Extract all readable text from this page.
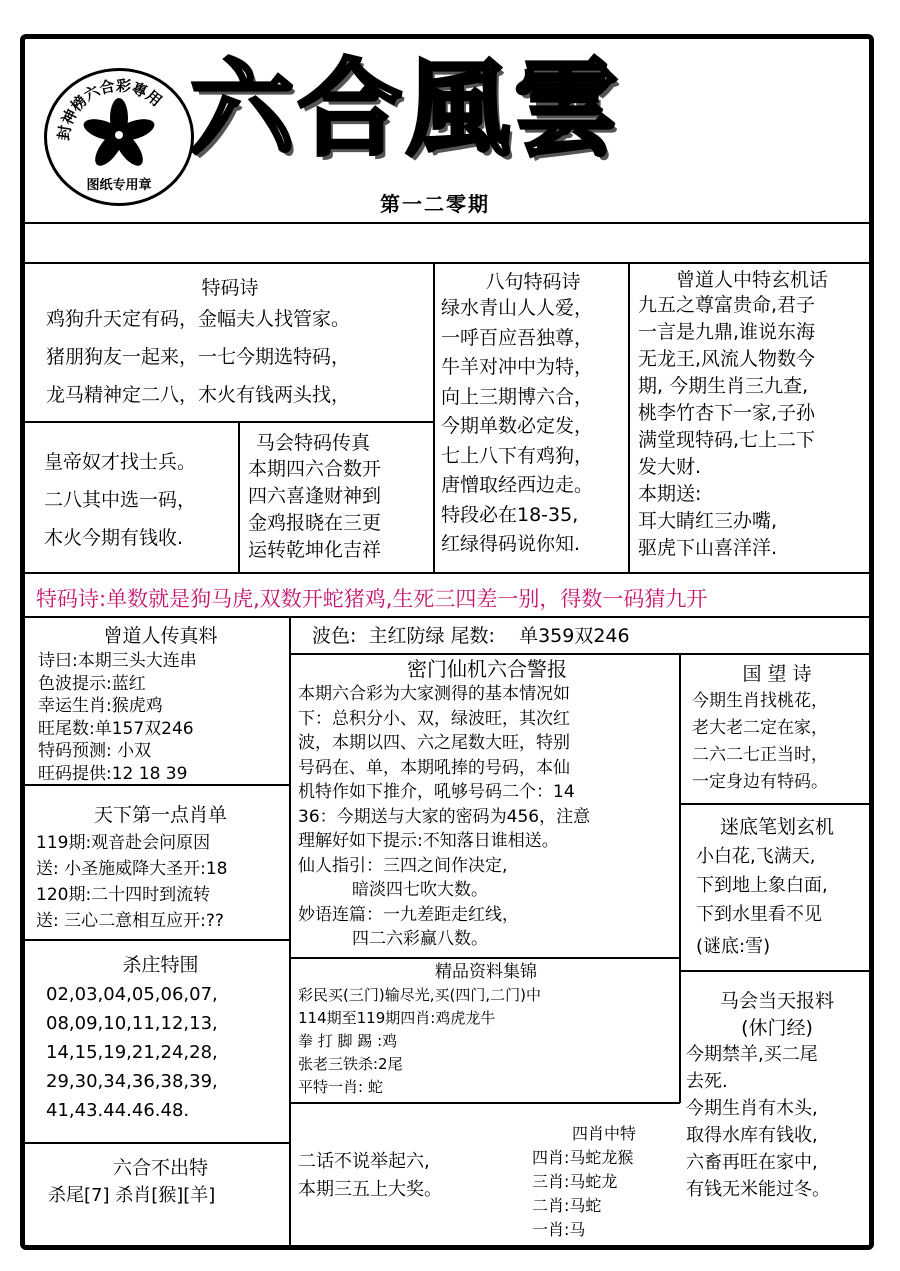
封神榜六合彩專用
图纸专用章
六合風雲
第一二零期
特码诗
鸡狗升天定有码，金幅夫人找管家。
猪朋狗友一起来，一七今期选特码，
龙马精神定二八，木火有钱两头找，
皇帝奴才找士兵。
二八其中选一码，
木火今期有钱收.
马会特码传真
本期四六合数开
四六喜逢财神到
金鸡报晓在三更
运转乾坤化吉祥
八句特码诗
绿水青山人人爱，
一呼百应吾独尊，
牛羊对冲中为特，
向上三期博六合，
今期单数必定发，
七上八下有鸡狗，
唐憎取经西边走。
特段必在18-35,
红绿得码说你知.
曾道人中特玄机话
九五之尊富贵命,君子
一言是九鼎,谁说东海
无龙王,风流人物数今
期, 今期生肖三九查,
桃李竹杏下一家,子孙
满堂现特码,七上二下
发大财.
本期送:
耳大睛红三办嘴,
驱虎下山喜洋洋.
特码诗:单数就是狗马虎,双数开蛇猪鸡,生死三四差一别，得数一码猜九开
曾道人传真料
诗曰:本期三头大连串
色波提示:蓝红
幸运生肖:猴虎鸡
旺尾数:单157双246
特码预测: 小双
旺码提供:12 18 39
波色:  主红防绿 尾数:    单359双246
密门仙机六合警报
本期六合彩为大家测得的基本情况如
下：总积分小、双，绿波旺，其次红
波，本期以四、六之尾数大旺，特别
号码在、单，本期吼捧的号码，本仙
机特作如下推介，吼够号码二个：14
36：今期送与大家的密码为456，注意
理解好如下提示:不知落日谁相送。
仙人指引：三四之间作决定,
暗淡四七吹大数。
妙语连篇：一九差距走红线，
四二六彩赢八数。
国 望 诗
今期生肖找桃花，
老大老二定在家，
二六二七正当时，
一定身边有特码。
天下第一点肖单
119期:观音赴会问原因
送: 小圣施威降大圣开:18
120期:二十四时到流转
送: 三心二意相互应开:??
迷底笔划玄机
小白花,飞满天,
下到地上象白面,
下到水里看不见
(谜底:雪)
杀庄特围
02,03,04,05,06,07,
08,09,10,11,12,13,
14,15,19,21,24,28,
29,30,34,36,38,39,
41,43.44.46.48.
精品资料集锦
彩民买(三门)输尽光,买(四门,二门)中
114期至119期四肖:鸡虎龙牛
拳 打 脚 踢 :鸡
张老三铁杀:2尾
平特一肖: 蛇
马会当天报料
(休门经)
今期禁羊,买二尾
去死.
今期生肖有木头,
取得水库有钱收,
六畜再旺在家中,
有钱无米能过冬。
六合不出特
杀尾[7] 杀肖[猴][羊]
二话不说举起六,
本期三五上大奖。
四肖中特
四肖:马蛇龙猴
三肖:马蛇龙
二肖:马蛇
一肖:马
